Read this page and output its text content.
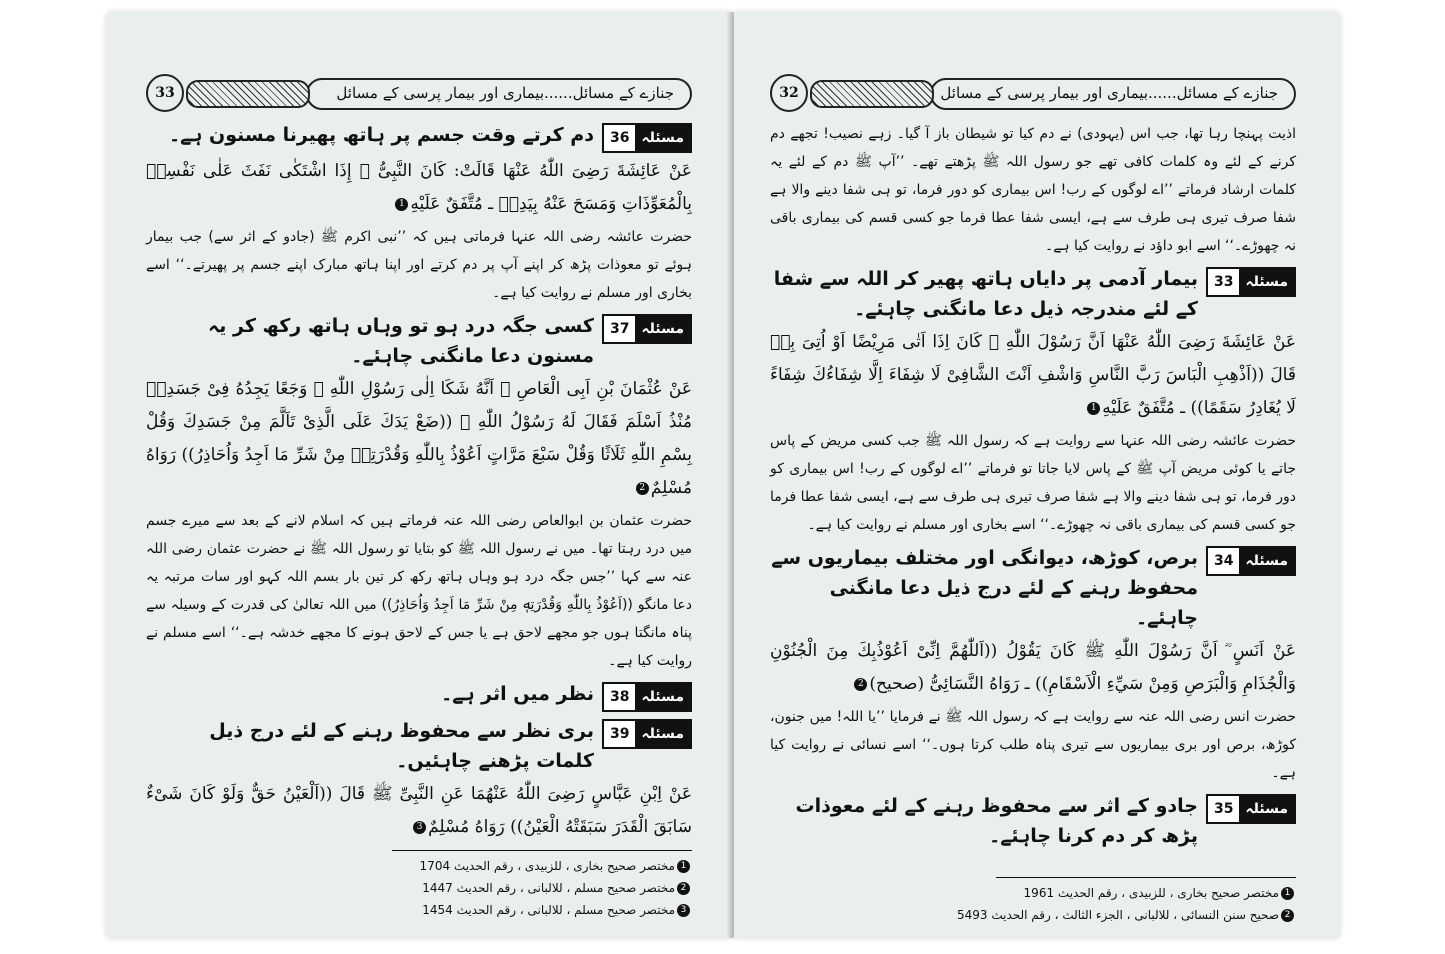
جنازے کے مسائل......بیماری اور بیمار پرسی کے مسائل
33
مسئلہ
36
دم کرتے وقت جسم پر ہاتھ پھیرنا مسنون ہے۔
عَنْ عَائِشَةَ رَضِیَ اللّٰهُ عَنْهَا قَالَتْ: كَانَ النَّبِیُّ ﷺ إِذَا اشْتَكٰی نَفَثَ عَلٰی نَفْسِهٖ بِالْمُعَوِّذَاتِ وَمَسَحَ عَنْهُ بِيَدِهٖ ـ مُتَّفَقٌ عَلَيْهِ1
حضرت عائشہ رضی اللہ عنہا فرماتی ہیں کہ ’’نبی اکرم ﷺ (جادو کے اثر سے) جب بیمار ہوئے تو معوذات پڑھ کر اپنے آپ پر دم کرتے اور اپنا ہاتھ مبارک اپنے جسم پر پھیرتے۔‘‘ اسے بخاری اور مسلم نے روایت کیا ہے۔
مسئلہ
37
کسی جگہ درد ہو تو وہاں ہاتھ رکھ کر یہ مسنون دعا مانگنی چاہئے۔
عَنْ عُثْمَانَ بْنِ اَبِی الْعَاصِ ؓ اَنَّهُ شَكَا اِلٰی رَسُوْلِ اللّٰهِ ﷺ وَجَعًا يَجِدُهُ فِیْ جَسَدِهٖ مُنْذُ اَسْلَمَ فَقَالَ لَهُ رَسُوْلُ اللّٰهِ ﷺ ((ضَعْ يَدَكَ عَلَی الَّذِیْ تَاَلَّمَ مِنْ جَسَدِكَ وَقُلْ بِسْمِ اللّٰهِ ثَلَاثًا وَقُلْ سَبْعَ مَرَّاتٍ اَعُوْذُ بِاللّٰهِ وَقُدْرَتِهٖ مِنْ شَرِّ مَا اَجِدُ وَاُحَاذِرُ)) رَوَاهُ مُسْلِمٌ2
حضرت عثمان بن ابوالعاص رضی اللہ عنہ فرماتے ہیں کہ اسلام لانے کے بعد سے میرے جسم میں درد رہتا تھا۔ میں نے رسول اللہ ﷺ کو بتایا تو رسول اللہ ﷺ نے حضرت عثمان رضی اللہ عنہ سے کہا ’’جس جگہ درد ہو وہاں ہاتھ رکھ کر تین بار بسم اللہ کہو اور سات مرتبہ یہ دعا مانگو ((اَعُوْذُ بِاللّٰهِ وَقُدْرَتِهٖ مِنْ شَرِّ مَا اَجِدُ وَاُحَاذِرُ)) میں اللہ تعالیٰ کی قدرت کے وسیلہ سے پناہ مانگتا ہوں جو مجھے لاحق ہے یا جس کے لاحق ہونے کا مجھے خدشہ ہے۔‘‘ اسے مسلم نے روایت کیا ہے۔
مسئلہ
38
نظر میں اثر ہے۔
مسئلہ
39
بری نظر سے محفوظ رہنے کے لئے درج ذیل کلمات پڑھنے چاہئیں۔
عَنْ اِبْنِ عَبَّاسٍ رَضِیَ اللّٰهُ عَنْهُمَا عَنِ النَّبِیِّ ﷺ قَالَ ((اَلْعَيْنُ حَقٌّ وَلَوْ كَانَ شَیْءٌ سَابَقَ الْقَدَرَ سَبَقَتْهُ الْعَيْنُ)) رَوَاهُ مُسْلِمٌ3
1مختصر صحیح بخاری ، للزبیدی ، رقم الحدیث 1704
2مختصر صحیح مسلم ، للالبانی ، رقم الحدیث 1447
3مختصر صحیح مسلم ، للالبانی ، رقم الحدیث 1454
جنازے کے مسائل......بیماری اور بیمار پرسی کے مسائل
32
اذیت پہنچا رہا تھا، جب اس (یہودی) نے دم کیا تو شیطان باز آ گیا۔ زہے نصیب! تجھے دم کرنے کے لئے وہ کلمات کافی تھے جو رسول اللہ ﷺ پڑھتے تھے۔ ’’آپ ﷺ دم کے لئے یہ کلمات ارشاد فرماتے ’’اے لوگوں کے رب! اس بیماری کو دور فرما، تو ہی شفا دینے والا ہے شفا صرف تیری ہی طرف سے ہے، ایسی شفا عطا فرما جو کسی قسم کی بیماری باقی نہ چھوڑے۔‘‘ اسے ابو داؤد نے روایت کیا ہے۔
مسئلہ
33
بیمار آدمی پر دایاں ہاتھ پھیر کر اللہ سے شفا کے لئے مندرجہ ذیل دعا مانگنی چاہئے۔
عَنْ عَائِشَةَ رَضِیَ اللّٰهُ عَنْهَا اَنَّ رَسُوْلَ اللّٰهِ ﷺ كَانَ اِذَا اَتٰی مَرِيْضًا اَوْ اُتِیَ بِهٖ قَالَ ((اَذْهِبِ الْبَاسَ رَبَّ النَّاسِ وَاشْفِ اَنْتَ الشَّافِیْ لَا شِفَاءَ اِلَّا شِفَاءُكَ شِفَاءً لَا يُغَادِرُ سَقَمًا)) ـ مُتَّفَقٌ عَلَيْهِ1
حضرت عائشہ رضی اللہ عنہا سے روایت ہے کہ رسول اللہ ﷺ جب کسی مریض کے پاس جاتے یا کوئی مریض آپ ﷺ کے پاس لایا جاتا تو فرماتے ’’اے لوگوں کے رب! اس بیماری کو دور فرما، تو ہی شفا دینے والا ہے شفا صرف تیری ہی طرف سے ہے، ایسی شفا عطا فرما جو کسی قسم کی بیماری باقی نہ چھوڑے۔‘‘ اسے بخاری اور مسلم نے روایت کیا ہے۔
مسئلہ
34
برص، کوڑھ، دیوانگی اور مختلف بیماریوں سے محفوظ رہنے کے لئے درج ذیل دعا مانگنی چاہئے۔
عَنْ اَنَسٍ ؓ اَنَّ رَسُوْلَ اللّٰهِ ﷺ كَانَ يَقُوْلُ ((اَللّٰهُمَّ اِنِّیْ اَعُوْذُبِكَ مِنَ الْجُنُوْنِ وَالْجُذَامِ وَالْبَرَصِ وَمِنْ سَيِّءِ الْاَسْقَامِ)) ـ رَوَاهُ النَّسَائِیُّ (صحیح)2
حضرت انس رضی اللہ عنہ سے روایت ہے کہ رسول اللہ ﷺ نے فرمایا ’’یا اللہ! میں جنون، کوڑھ، برص اور بری بیماریوں سے تیری پناہ طلب کرتا ہوں۔‘‘ اسے نسائی نے روایت کیا ہے۔
مسئلہ
35
جادو کے اثر سے محفوظ رہنے کے لئے معوذات پڑھ کر دم کرنا چاہئے۔
1مختصر صحیح بخاری ، للزبیدی ، رقم الحدیث 1961
2صحیح سنن النسائی ، للالبانی ، الجزء الثالث ، رقم الحدیث 5493
